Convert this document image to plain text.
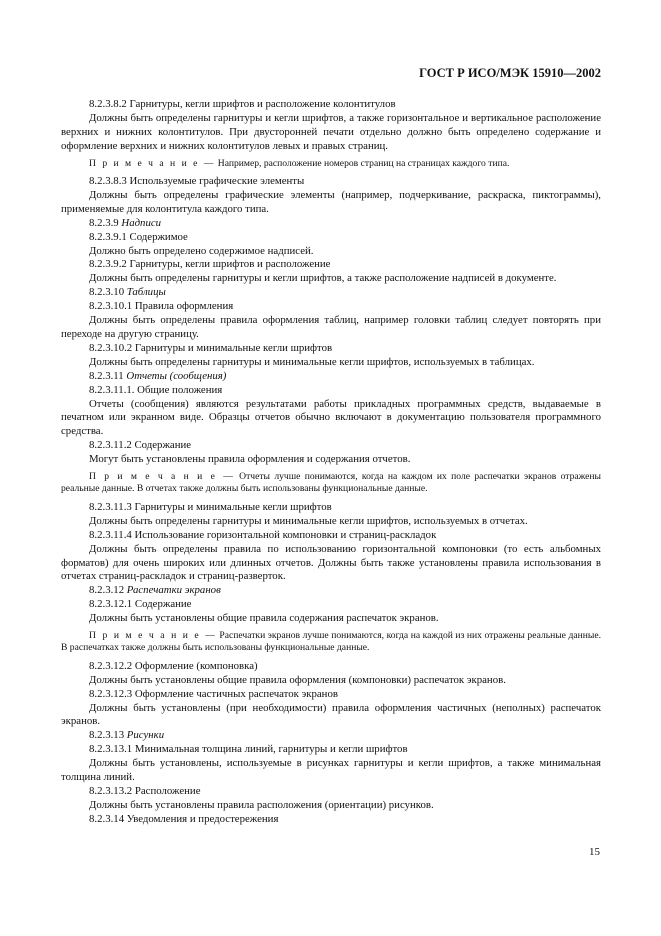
ГОСТ Р ИСО/МЭК 15910—2002

8.2.3.8.2 Гарнитуры, кегли шрифтов и расположение колонтитулов

Должны быть определены гарнитуры и кегли шрифтов, а также горизонтальное и вертикальное расположение верхних и нижних колонтитулов. При двусторонней печати отдельно должно быть определено содержание и оформление верхних и нижних колонтитулов левых и правых страниц.

П р и м е ч а н и е — Например, расположение номеров страниц на страницах каждого типа.

8.2.3.8.3 Используемые графические элементы

Должны быть определены графические элементы (например, подчеркивание, раскраска, пиктограммы), применяемые для колонтитула каждого типа.

8.2.3.9 Надписи

8.2.3.9.1 Содержимое

Должно быть определено содержимое надписей.

8.2.3.9.2 Гарнитуры, кегли шрифтов и расположение

Должны быть определены гарнитуры и кегли шрифтов, а также расположение надписей в документе.

8.2.3.10 Таблицы

8.2.3.10.1 Правила оформления

Должны быть определены правила оформления таблиц, например головки таблиц следует повторять при переходе на другую страницу.

8.2.3.10.2 Гарнитуры и минимальные кегли шрифтов

Должны быть определены гарнитуры и минимальные кегли шрифтов, используемых в таблицах.

8.2.3.11 Отчеты (сообщения)

8.2.3.11.1. Общие положения

Отчеты (сообщения) являются результатами работы прикладных программных средств, выдаваемые в печатном или экранном виде. Образцы отчетов обычно включают в документацию пользователя программного средства.

8.2.3.11.2 Содержание

Могут быть установлены правила оформления и содержания отчетов.

П р и м е ч а н и е — Отчеты лучше понимаются, когда на каждом их поле распечатки экранов отражены реальные данные. В отчетах также должны быть использованы функциональные данные.

8.2.3.11.3 Гарнитуры и минимальные кегли шрифтов

Должны быть определены гарнитуры и минимальные кегли шрифтов, используемых в отчетах.

8.2.3.11.4 Использование горизонтальной компоновки и страниц-раскладок

Должны быть определены правила по использованию горизонтальной компоновки (то есть альбомных форматов) для очень широких или длинных отчетов. Должны быть также установлены правила использования в отчетах страниц-раскладок и страниц-разверток.

8.2.3.12 Распечатки экранов

8.2.3.12.1 Содержание

Должны быть установлены общие правила содержания распечаток экранов.

П р и м е ч а н и е — Распечатки экранов лучше понимаются, когда на каждой из них отражены реальные данные. В распечатках также должны быть использованы функциональные данные.

8.2.3.12.2 Оформление (компоновка)

Должны быть установлены общие правила оформления (компоновки) распечаток экранов.

8.2.3.12.3 Оформление частичных распечаток экранов

Должны быть установлены (при необходимости) правила оформления частичных (неполных) распечаток экранов.

8.2.3.13 Рисунки

8.2.3.13.1 Минимальная толщина линий, гарнитуры и кегли шрифтов

Должны быть установлены, используемые в рисунках гарнитуры и кегли шрифтов, а также минимальная толщина линий.

8.2.3.13.2 Расположение

Должны быть установлены правила расположения (ориентации) рисунков.

8.2.3.14 Уведомления и предостережения

15
